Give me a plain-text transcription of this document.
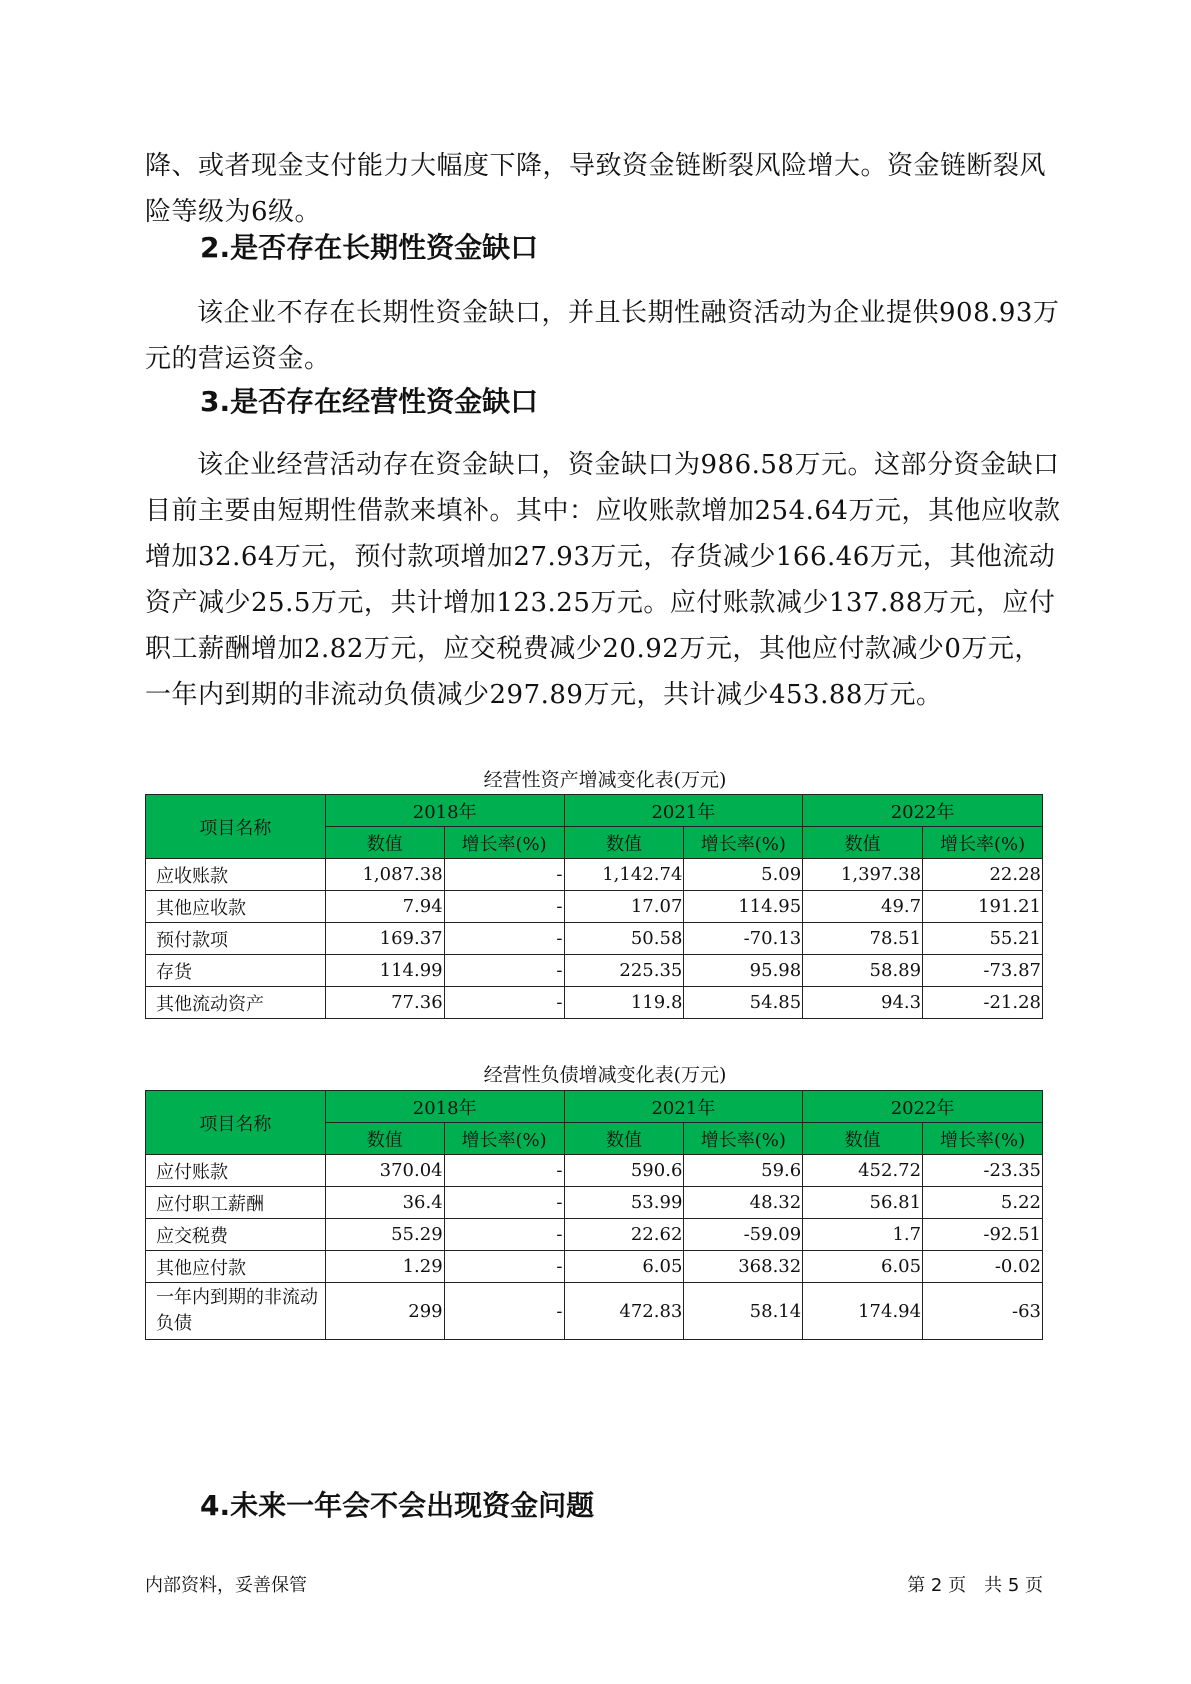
降、或者现金支付能力大幅度下降，导致资金链断裂风险增大。资金链断裂风险等级为6级。

2.是否存在长期性资金缺口

该企业不存在长期性资金缺口，并且长期性融资活动为企业提供908.93万元的营运资金。

3.是否存在经营性资金缺口

该企业经营活动存在资金缺口，资金缺口为986.58万元。这部分资金缺口目前主要由短期性借款来填补。其中：应收账款增加254.64万元，其他应收款增加32.64万元，预付款项增加27.93万元，存货减少166.46万元，其他流动资产减少25.5万元，共计增加123.25万元。应付账款减少137.88万元，应付职工薪酬增加2.82万元，应交税费减少20.92万元，其他应付款减少0万元，一年内到期的非流动负债减少297.89万元，共计减少453.88万元。

经营性资产增减变化表(万元)
项目名称	2018年		2021年		2022年	
	数值	增长率(%)	数值	增长率(%)	数值	增长率(%)
应收账款	1,087.38	-	1,142.74	5.09	1,397.38	22.28
其他应收款	7.94	-	17.07	114.95	49.7	191.21
预付款项	169.37	-	50.58	-70.13	78.51	55.21
存货	114.99	-	225.35	95.98	58.89	-73.87
其他流动资产	77.36	-	119.8	54.85	94.3	-21.28
经营性负债增减变化表(万元)
项目名称	2018年		2021年		2022年	
	数值	增长率(%)	数值	增长率(%)	数值	增长率(%)
应付账款	370.04	-	590.6	59.6	452.72	-23.35
应付职工薪酬	36.4	-	53.99	48.32	56.81	5.22
应交税费	55.29	-	22.62	-59.09	1.7	-92.51
其他应付款	1.29	-	6.05	368.32	6.05	-0.02
一年内到期的非流动负债	299	-	472.83	58.14	174.94	-63
4.未来一年会不会出现资金问题
内部资料，妥善保管	第 2 页　共 5 页
